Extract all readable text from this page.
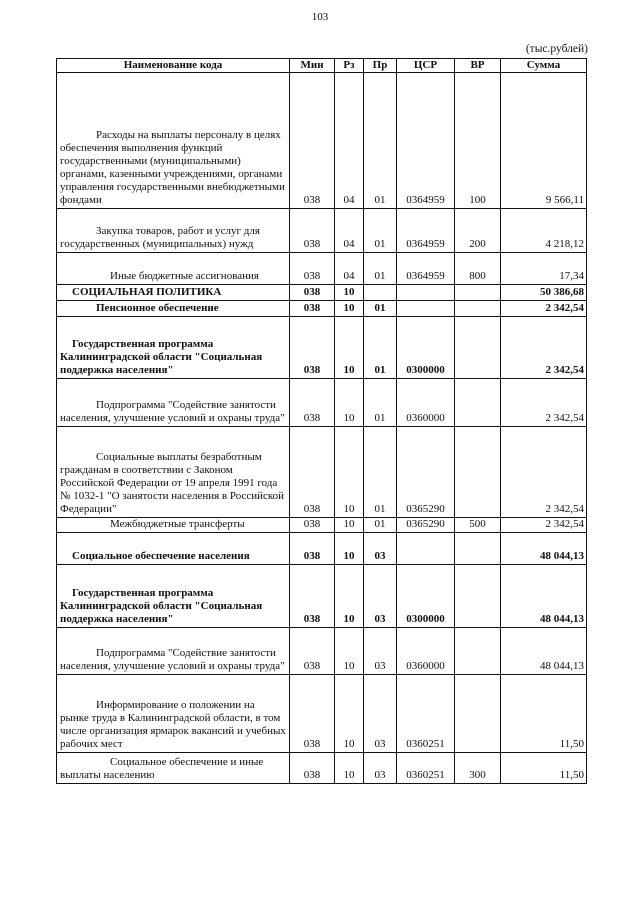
103
(тыс.рублей)
Наименование кода	Мин	Рз	Пр	ЦСР	ВР	Сумма
Расходы на выплаты персоналу в целях обеспечения выполнения функций государственными (муниципальными) органами, казенными учреждениями, органами управления государственными внебюджетными фондами	038	04	01	0364959	100	9 566,11
Закупка товаров, работ и услуг для государственных (муниципальных) нужд	038	04	01	0364959	200	4 218,12
Иные бюджетные ассигнования	038	04	01	0364959	800	17,34
СОЦИАЛЬНАЯ ПОЛИТИКА	038	10				50 386,68
Пенсионное обеспечение	038	10	01			2 342,54
Государственная программа Калининградской области "Социальная поддержка населения"	038	10	01	0300000		2 342,54
Подпрограмма "Содействие занятости населения, улучшение условий и охраны труда"	038	10	01	0360000		2 342,54
Социальные выплаты безработным гражданам в соответствии с Законом Российской Федерации от 19 апреля 1991 года № 1032-1 "О занятости населения в Российской Федерации"	038	10	01	0365290		2 342,54
Межбюджетные трансферты	038	10	01	0365290	500	2 342,54
Социальное обеспечение населения	038	10	03			48 044,13
Государственная программа Калининградской области "Социальная поддержка населения"	038	10	03	0300000		48 044,13
Подпрограмма "Содействие занятости населения, улучшение условий и охраны труда"	038	10	03	0360000		48 044,13
Информирование о положении на рынке труда в Калининградской области, в том числе организация ярмарок вакансий и учебных рабочих мест	038	10	03	0360251		11,50
Социальное обеспечение и иные выплаты населению	038	10	03	0360251	300	11,50
